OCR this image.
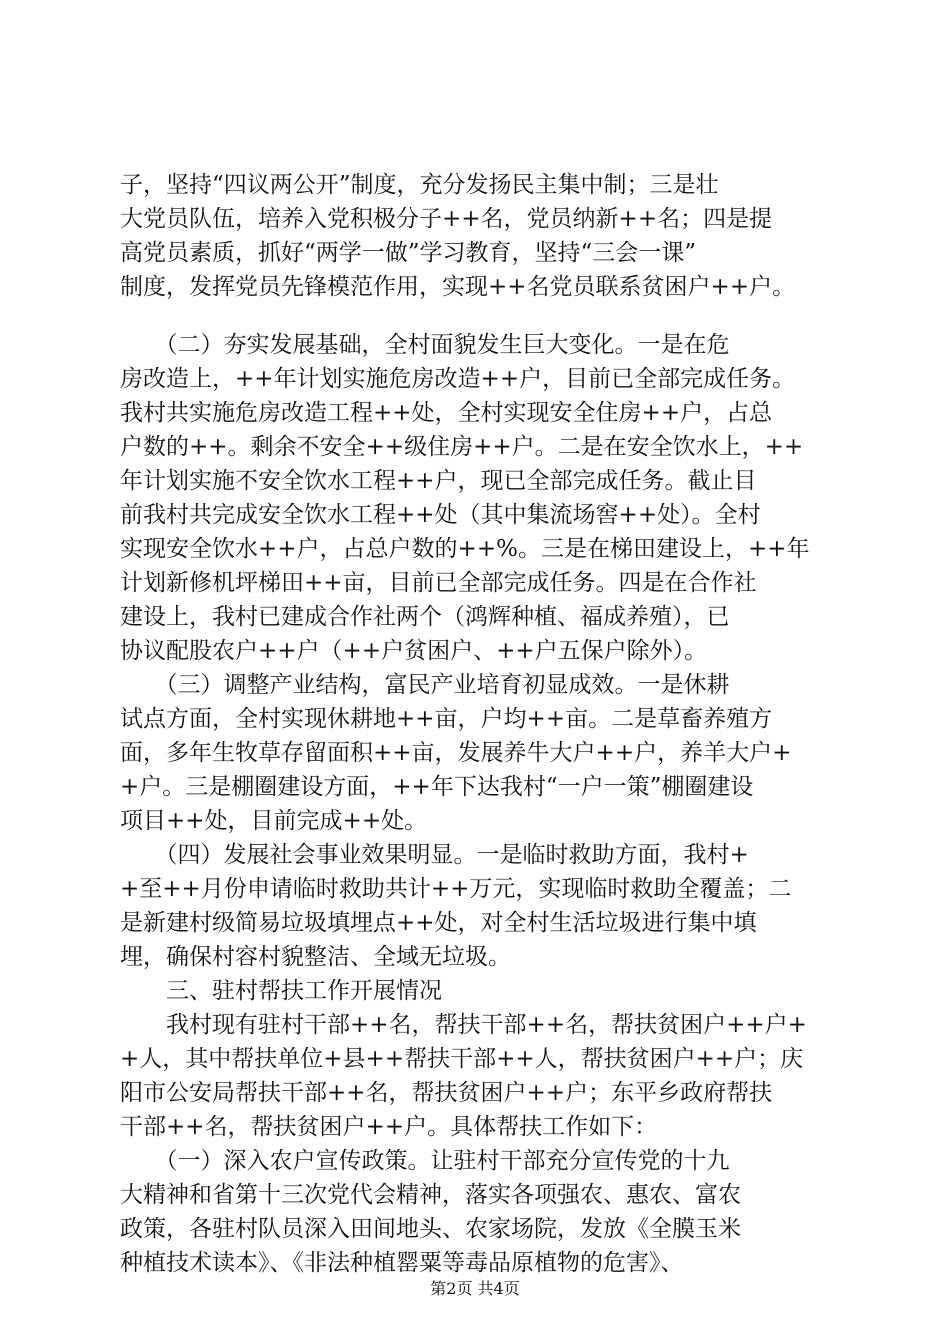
子，坚持“四议两公开”制度，充分发扬民主集中制；三是壮
大党员队伍，培养入党积极分子++名，党员纳新++名；四是提
高党员素质，抓好“两学一做”学习教育，坚持“三会一课”
制度，发挥党员先锋模范作用，实现++名党员联系贫困户++户。
　　（二）夯实发展基础，全村面貌发生巨大变化。一是在危
房改造上，++年计划实施危房改造++户，目前已全部完成任务。
我村共实施危房改造工程++处，全村实现安全住房++户，占总
户数的++。剩余不安全++级住房++户。二是在安全饮水上，++
年计划实施不安全饮水工程++户，现已全部完成任务。截止目
前我村共完成安全饮水工程++处（其中集流场窖++处）。全村
实现安全饮水++户，占总户数的++%。三是在梯田建设上，++年
计划新修机坪梯田++亩，目前已全部完成任务。四是在合作社
建设上，我村已建成合作社两个（鸿辉种植、福成养殖），已
协议配股农户++户（++户贫困户、++户五保户除外）。
　　（三）调整产业结构，富民产业培育初显成效。一是休耕
试点方面，全村实现休耕地++亩，户均++亩。二是草畜养殖方
面，多年生牧草存留面积++亩，发展养牛大户++户，养羊大户+
+户。三是棚圈建设方面，++年下达我村“一户一策”棚圈建设
项目++处，目前完成++处。
　　（四）发展社会事业效果明显。一是临时救助方面，我村+
+至++月份申请临时救助共计++万元，实现临时救助全覆盖；二
是新建村级简易垃圾填埋点++处，对全村生活垃圾进行集中填
埋，确保村容村貌整洁、全域无垃圾。
　　三、驻村帮扶工作开展情况
　　我村现有驻村干部++名，帮扶干部++名，帮扶贫困户++户+
+人，其中帮扶单位+县++帮扶干部++人，帮扶贫困户++户；庆
阳市公安局帮扶干部++名，帮扶贫困户++户；东平乡政府帮扶
干部++名，帮扶贫困户++户。具体帮扶工作如下：
　　（一）深入农户宣传政策。让驻村干部充分宣传党的十九
大精神和省第十三次党代会精神，落实各项强农、惠农、富农
政策，各驻村队员深入田间地头、农家场院，发放《全膜玉米
种植技术读本》、《非法种植罂粟等毒品原植物的危害》、
第2页 共4页
